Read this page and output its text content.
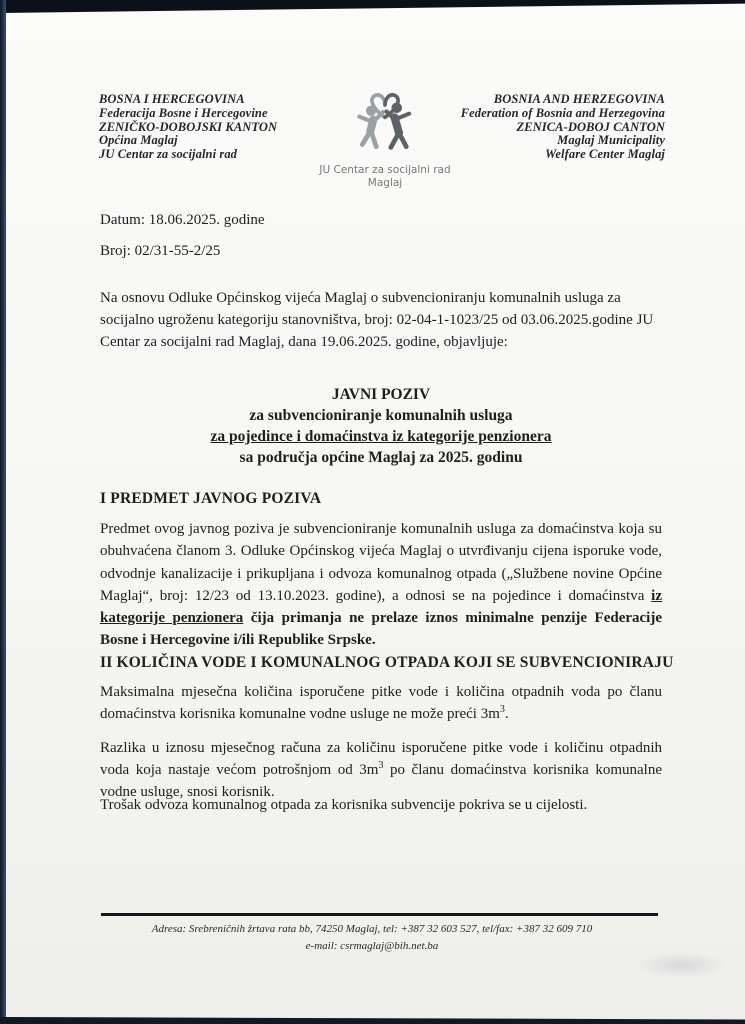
BOSNA I HERCEGOVINA
Federacija Bosne i Hercegovine
ZENIČKO-DOBOJSKI KANTON
Općina Maglaj
JU Centar za socijalni rad
BOSNIA AND HERZEGOVINA
Federation of Bosnia and Herzegovina
ZENICA-DOBOJ CANTON
Maglaj Municipality
Welfare Center Maglaj
JU Centar za socijalni rad
Maglaj
Datum: 18.06.2025. godine
Broj: 02/31-55-2/25
Na osnovu Odluke Općinskog vijeća Maglaj o subvencioniranju komunalnih usluga za socijalno ugroženu kategoriju stanovništva, broj: 02-04-1-1023/25 od 03.06.2025.godine JU Centar za socijalni rad Maglaj, dana 19.06.2025. godine, objavljuje:
JAVNI POZIV
za subvencioniranje komunalnih usluga
za pojedince i domaćinstva iz kategorije penzionera
sa područja općine Maglaj za 2025. godinu
I PREDMET JAVNOG POZIVA
Predmet ovog javnog poziva je subvencioniranje komunalnih usluga za domaćinstva koja su obuhvaćena članom 3. Odluke Općinskog vijeća Maglaj o utvrđivanju cijena isporuke vode, odvodnje kanalizacije i prikupljana i odvoza komunalnog otpada („Službene novine Općine Maglaj“, broj: 12/23 od 13.10.2023. godine), a odnosi se na pojedince i domaćinstva iz kategorije penzionera čija primanja ne prelaze iznos minimalne penzije Federacije Bosne i Hercegovine i/ili Republike Srpske.
II KOLIČINA VODE I KOMUNALNOG OTPADA KOJI SE SUBVENCIONIRAJU
Maksimalna mjesečna količina isporučene pitke vode i količina otpadnih voda po članu domaćinstva korisnika komunalne vodne usluge ne može preći $3m^3$.
Razlika u iznosu mjesečnog računa za količinu isporučene pitke vode i količinu otpadnih voda koja nastaje većom potrošnjom od $3m^3$ po članu domaćinstva korisnika komunalne vodne usluge, snosi korisnik.
Trošak odvoza komunalnog otpada za korisnika subvencije pokriva se u cijelosti.
Adresa: Srebreničnih žrtava rata bb, 74250 Maglaj, tel: +387 32 603 527, tel/fax: +387 32 609 710
e-mail: csrmaglaj@bih.net.ba
